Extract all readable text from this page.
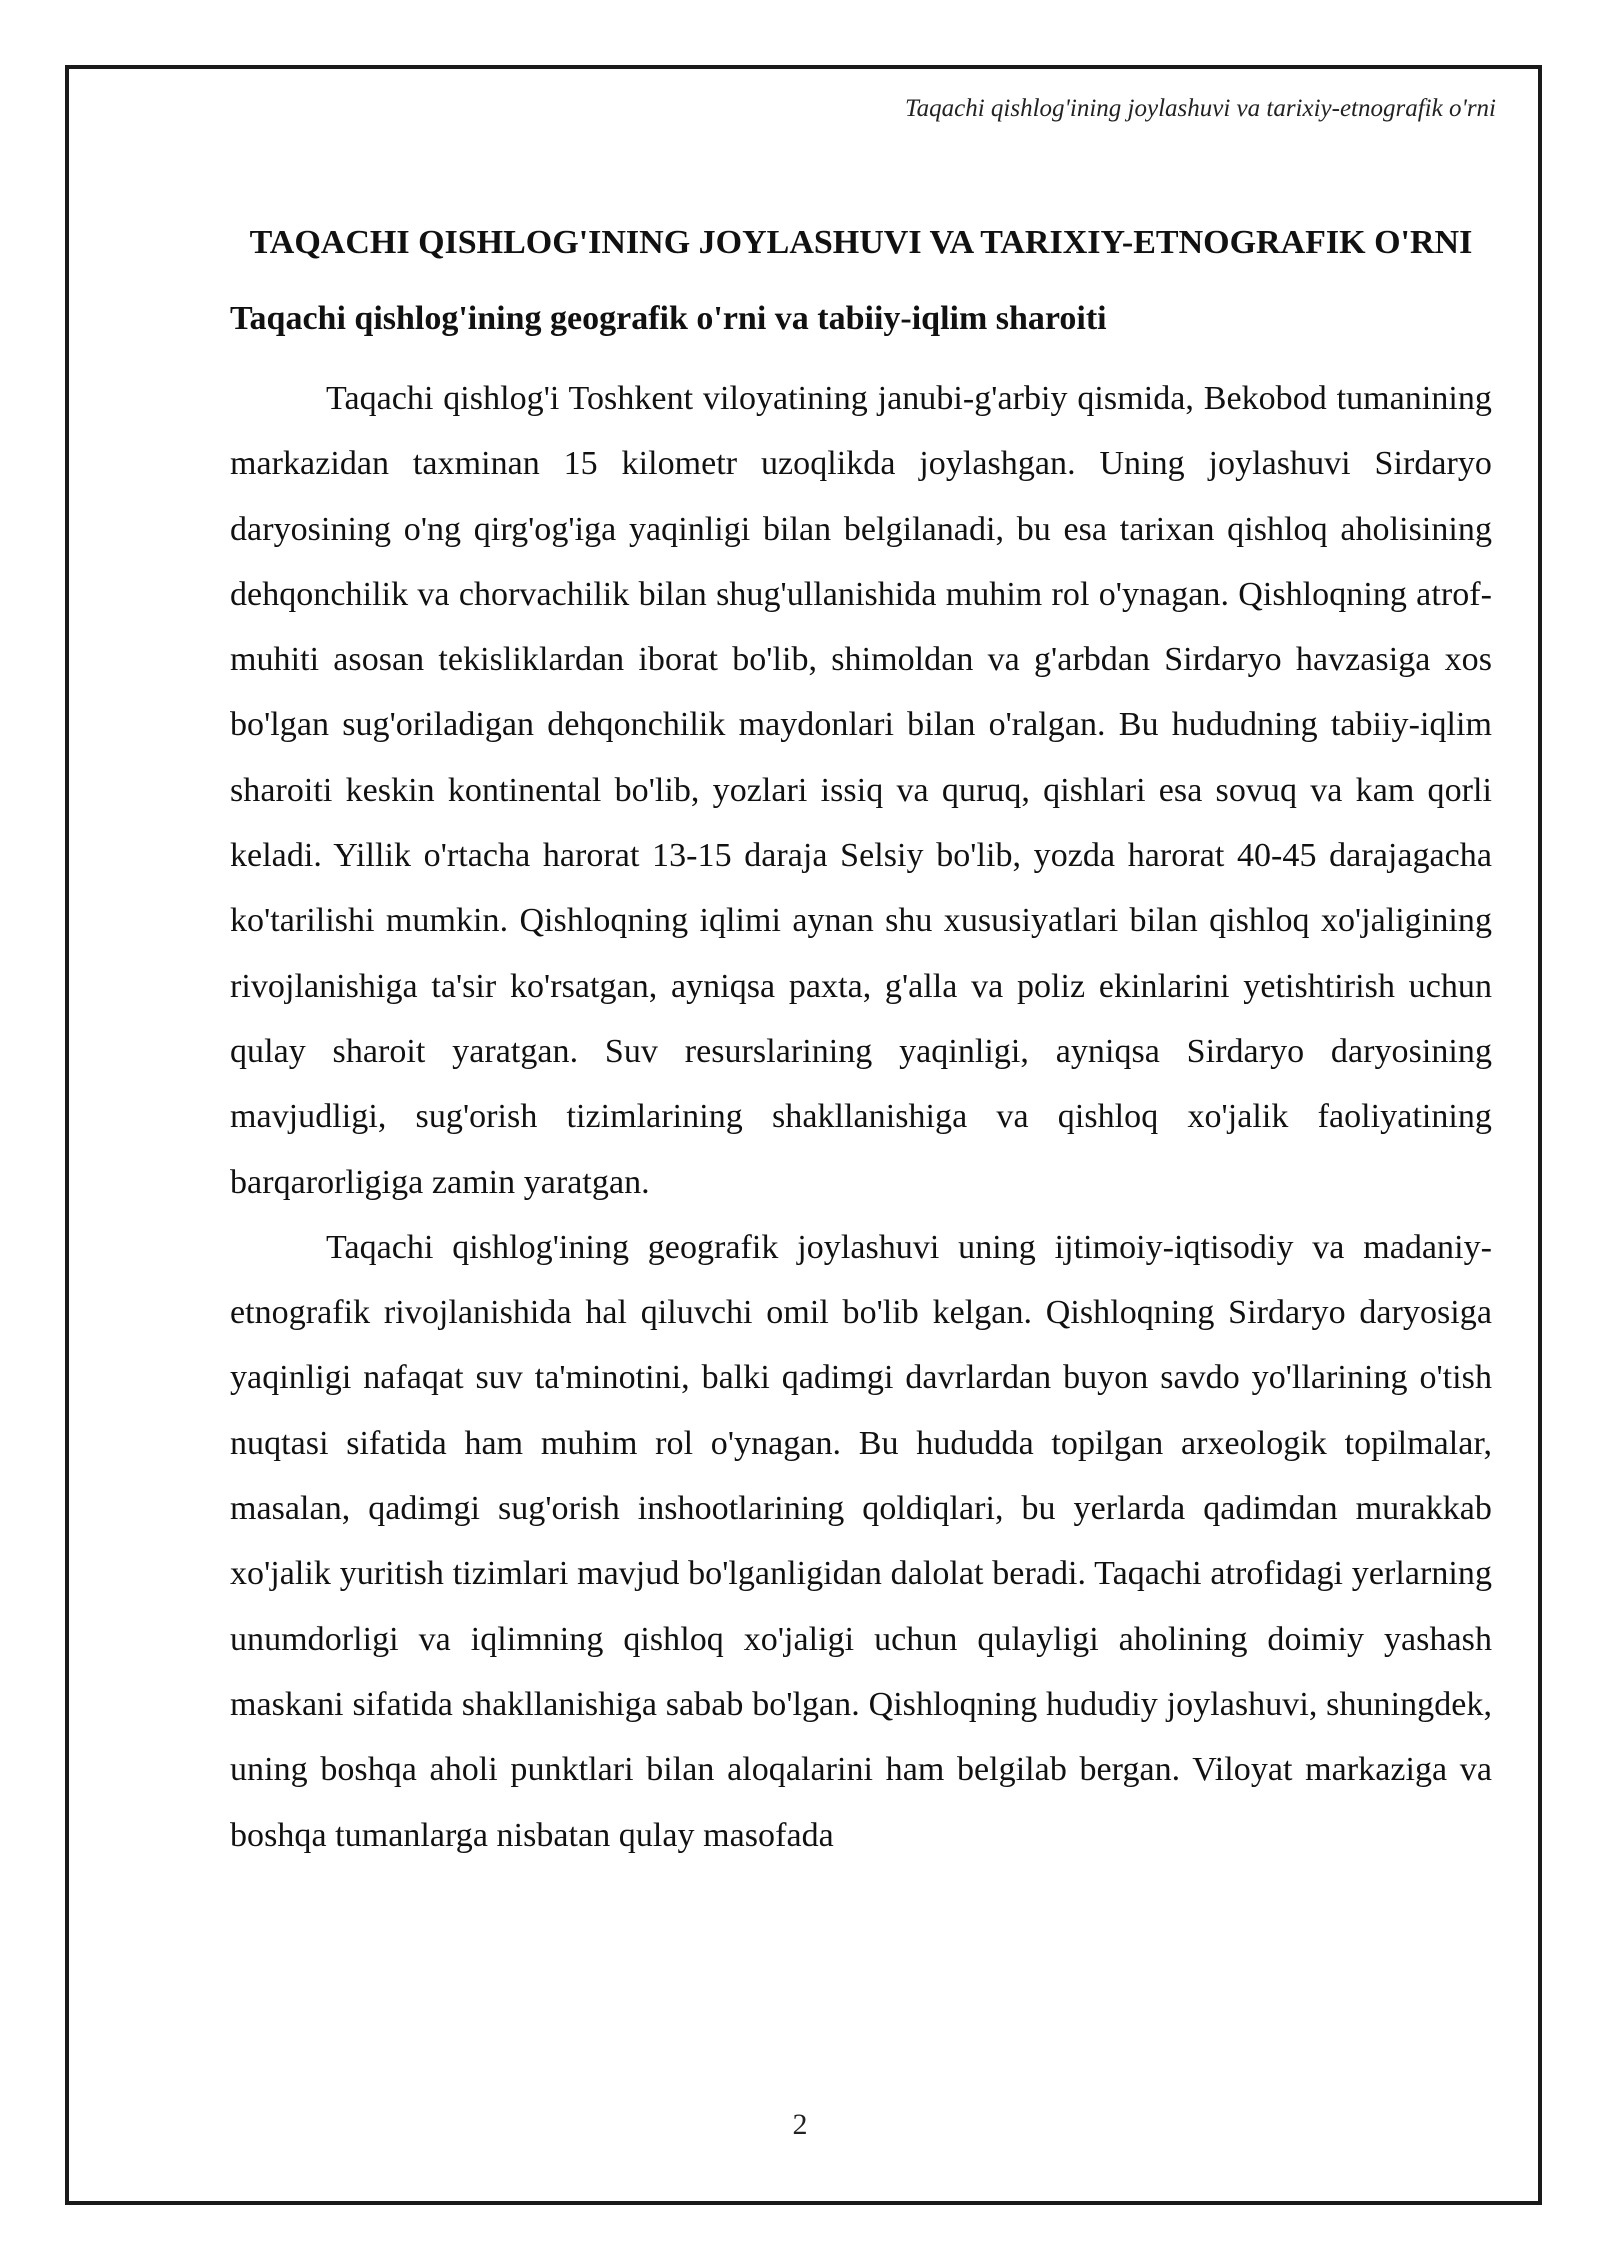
Taqachi qishlog'ining joylashuvi va tarixiy-etnografik o'rni
TAQACHI QISHLOG'INING JOYLASHUVI VA TARIXIY-ETNOGRAFIK O'RNI
Taqachi qishlog'ining geografik o'rni va tabiiy-iqlim sharoiti

Taqachi qishlog'i Toshkent viloyatining janubi-g'arbiy qismida, Bekobod tumanining markazidan taxminan 15 kilometr uzoqlikda joylashgan. Uning joylashuvi Sirdaryo daryosining o'ng qirg'og'iga yaqinligi bilan belgilanadi, bu esa tarixan qishloq aholisining dehqonchilik va chorvachilik bilan shug'ullanishida muhim rol o'ynagan. Qishloqning atrof-muhiti asosan tekisliklardan iborat bo'lib, shimoldan va g'arbdan Sirdaryo havzasiga xos bo'lgan sug'oriladigan dehqonchilik maydonlari bilan o'ralgan. Bu hududning tabiiy-iqlim sharoiti keskin kontinental bo'lib, yozlari issiq va quruq, qishlari esa sovuq va kam qorli keladi. Yillik o'rtacha harorat 13-15 daraja Selsiy bo'lib, yozda harorat 40-45 darajagacha ko'tarilishi mumkin. Qishloqning iqlimi aynan shu xususiyatlari bilan qishloq xo'jaligining rivojlanishiga ta'sir ko'rsatgan, ayniqsa paxta, g'alla va poliz ekinlarini yetishtirish uchun qulay sharoit yaratgan. Suv resurslarining yaqinligi, ayniqsa Sirdaryo daryosining mavjudligi, sug'orish tizimlarining shakllanishiga va qishloq xo'jalik faoliyatining barqarorligiga zamin yaratgan.

Taqachi qishlog'ining geografik joylashuvi uning ijtimoiy-iqtisodiy va madaniy-etnografik rivojlanishida hal qiluvchi omil bo'lib kelgan. Qishloqning Sirdaryo daryosiga yaqinligi nafaqat suv ta'minotini, balki qadimgi davrlardan buyon savdo yo'llarining o'tish nuqtasi sifatida ham muhim rol o'ynagan. Bu hududda topilgan arxeologik topilmalar, masalan, qadimgi sug'orish inshootlarining qoldiqlari, bu yerlarda qadimdan murakkab xo'jalik yuritish tizimlari mavjud bo'lganligidan dalolat beradi. Taqachi atrofidagi yerlarning unumdorligi va iqlimning qishloq xo'jaligi uchun qulayligi aholining doimiy yashash maskani sifatida shakllanishiga sabab bo'lgan. Qishloqning hududiy joylashuvi, shuningdek, uning boshqa aholi punktlari bilan aloqalarini ham belgilab bergan. Viloyat markaziga va boshqa tumanlarga nisbatan qulay masofada

2
